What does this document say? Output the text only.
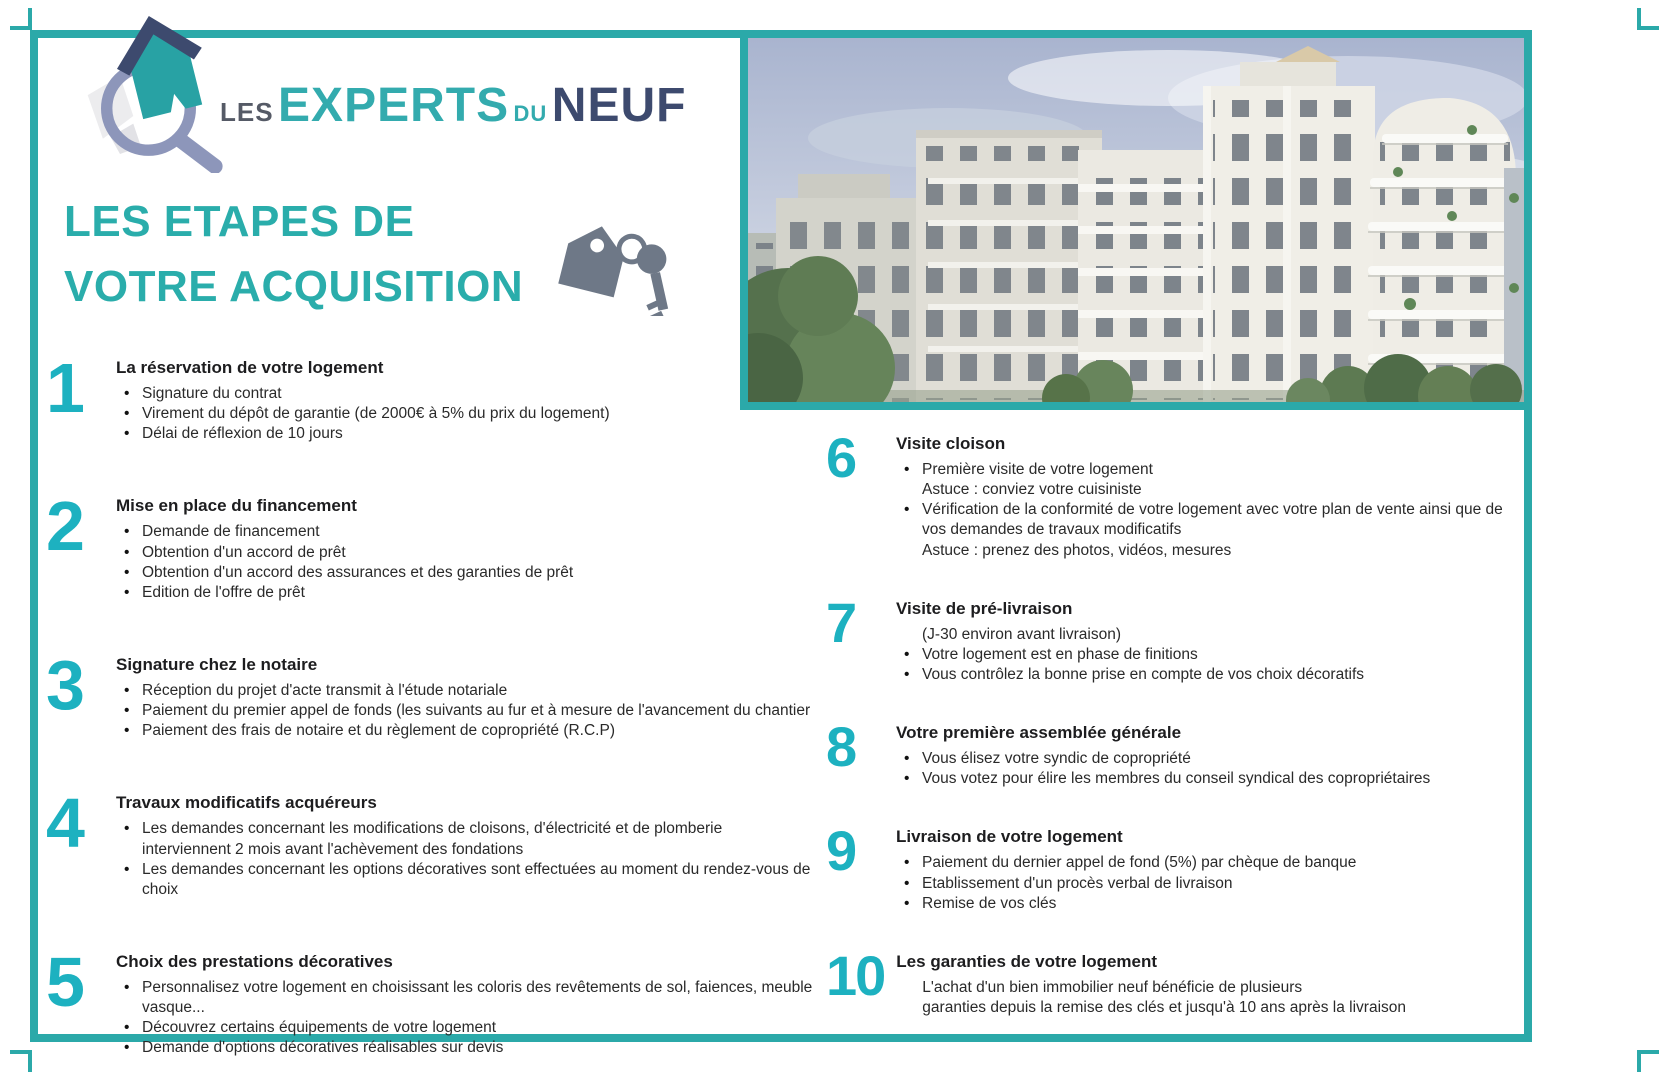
LES EXPERTS DU NEUF
LES ETAPES DE
VOTRE ACQUISITION
1	La réservation de votre logement
• Signature du contrat
• Virement du dépôt de garantie (de 2000€ à 5% du prix du logement)
• Délai de réflexion de 10 jours
2	Mise en place du financement
• Demande de financement
• Obtention d'un accord de prêt
• Obtention d'un accord des assurances et des garanties de prêt
• Edition de l'offre de prêt
3	Signature chez le notaire
• Réception du projet d'acte transmit à l'étude notariale
• Paiement du premier appel de fonds (les suivants au fur et à mesure de l'avancement du chantier
• Paiement des frais de notaire et du règlement de copropriété (R.C.P)
4	Travaux modificatifs acquéreurs
• Les demandes concernant les modifications de cloisons, d'électricité et de plomberie interviennent 2 mois avant l'achèvement des fondations
• Les demandes concernant les options décoratives sont effectuées au moment du rendez-vous de choix
5	Choix des prestations décoratives
• Personnalisez votre logement en choisissant les coloris des revêtements de sol, faiences, meuble vasque...
• Découvrez certains équipements de votre logement
• Demande d'options décoratives réalisables sur devis
6	Visite cloison
• Première visite de votre logement
Astuce : conviez votre cuisiniste
• Vérification de la conformité de votre logement avec votre plan de vente ainsi que de vos demandes de travaux modificatifs
Astuce : prenez des photos, vidéos, mesures
7	Visite de pré-livraison
(J-30 environ avant livraison)
• Votre logement est en phase de finitions
• Vous contrôlez la bonne prise en compte de vos choix décoratifs
8	Votre première assemblée générale
• Vous élisez votre syndic de copropriété
• Vous votez pour élire les membres du conseil syndical des copropriétaires
9	Livraison de votre logement
• Paiement du dernier appel de fond (5%) par chèque de banque
• Etablissement d'un procès verbal de livraison
• Remise de vos clés
10 Les garanties de votre logement
L'achat d'un bien immobilier neuf bénéficie de plusieurs
garanties depuis la remise des clés et jusqu'à 10 ans après la livraison
